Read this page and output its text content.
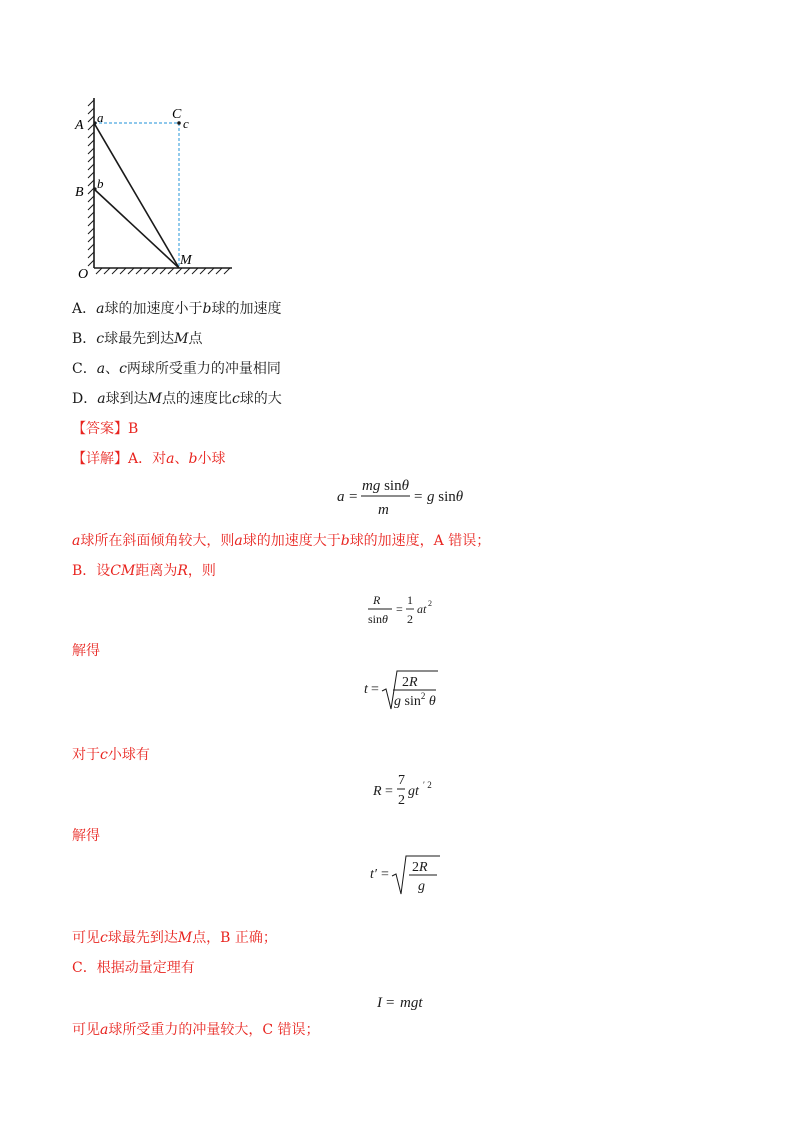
A
a
B
b
C
c
O
M
A．a球的加速度小于b球的加速度
B．c球最先到达M点
C．a、c两球所受重力的冲量相同
D．a球到达M点的速度比c球的大
【答案】B
【详解】A．对a、b小球
a =
mg sinθ
m
= g sinθ
a球所在斜面倾角较大，则a球的加速度大于b球的加速度，A 错误；
B．设CM距离为R，则
R
sinθ
=
1
2
at 2
解得
t = 2R
g $\sin^2 \theta$
对于c小球有
R =
7
2
gt ′ 2
解得
t′ = 2R
g
可见c球最先到达M点，B 正确；
C．根据动量定理有
I = mgt
可见a球所受重力的冲量较大，C 错误；
